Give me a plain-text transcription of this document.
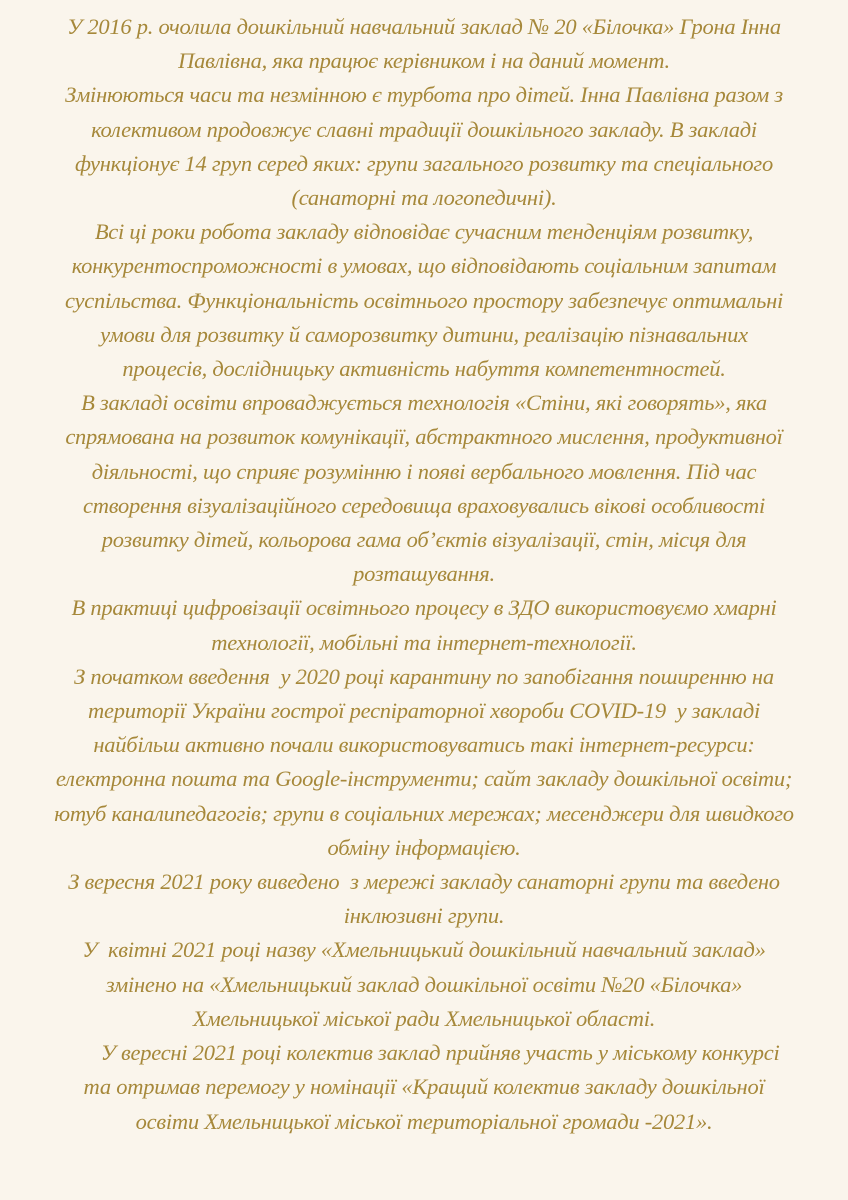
У 2016 р. очолила дошкільний навчальний заклад № 20 «Білочка» Грона Інна
Павлівна, яка працює керівником і на даний момент.
Змінюються часи та незмінною є турбота про дітей. Інна Павлівна разом з
колективом продовжує славні традиції дошкільного закладу. В закладі
функціонує 14 груп серед яких: групи загального розвитку та спеціального
(санаторні та логопедичні).
Всі ці роки робота закладу відповідає сучасним тенденціям розвитку,
конкурентоспроможності в умовах, що відповідають соціальним запитам
суспільства. Функціональність освітнього простору забезпечує оптимальні
умови для розвитку й саморозвитку дитини, реалізацію пізнавальних
процесів, дослідницьку активність набуття компетентностей.
В закладі освіти впроваджується технологія «Стіни, які говорять», яка
спрямована на розвиток комунікації, абстрактного мислення, продуктивної
діяльності, що сприяє розумінню і появі вербального мовлення. Під час
створення візуалізаційного середовища враховувались вікові особливості
розвитку дітей, кольорова гама об’єктів візуалізації, стін, місця для
розташування.
В практиці цифровізації освітнього процесу в ЗДО використовуємо хмарні
технології, мобільні та інтернет-технології.
З початком введення  у 2020 році карантину по запобігання поширенню на
території України гострої респіраторної хвороби COVID-19  у закладі
найбільш активно почали використовуватись такі інтернет-ресурси:
електронна пошта та Google-інструменти; сайт закладу дошкільної освіти;
ютуб каналипедагогів; групи в соціальних мережах; месенджери для швидкого
обміну інформацією.
З вересня 2021 року виведено  з мережі закладу санаторні групи та введено
інклюзивні групи.
У  квітні 2021 році назву «Хмельницький дошкільний навчальний заклад»
змінено на «Хмельницький заклад дошкільної освіти №20 «Білочка»
Хмельницької міської ради Хмельницької області.
У вересні 2021 році колектив заклад прийняв участь у міському конкурсі
та отримав перемогу у номінації «Кращий колектив закладу дошкільної
освіти Хмельницької міської територіальної громади -2021».
